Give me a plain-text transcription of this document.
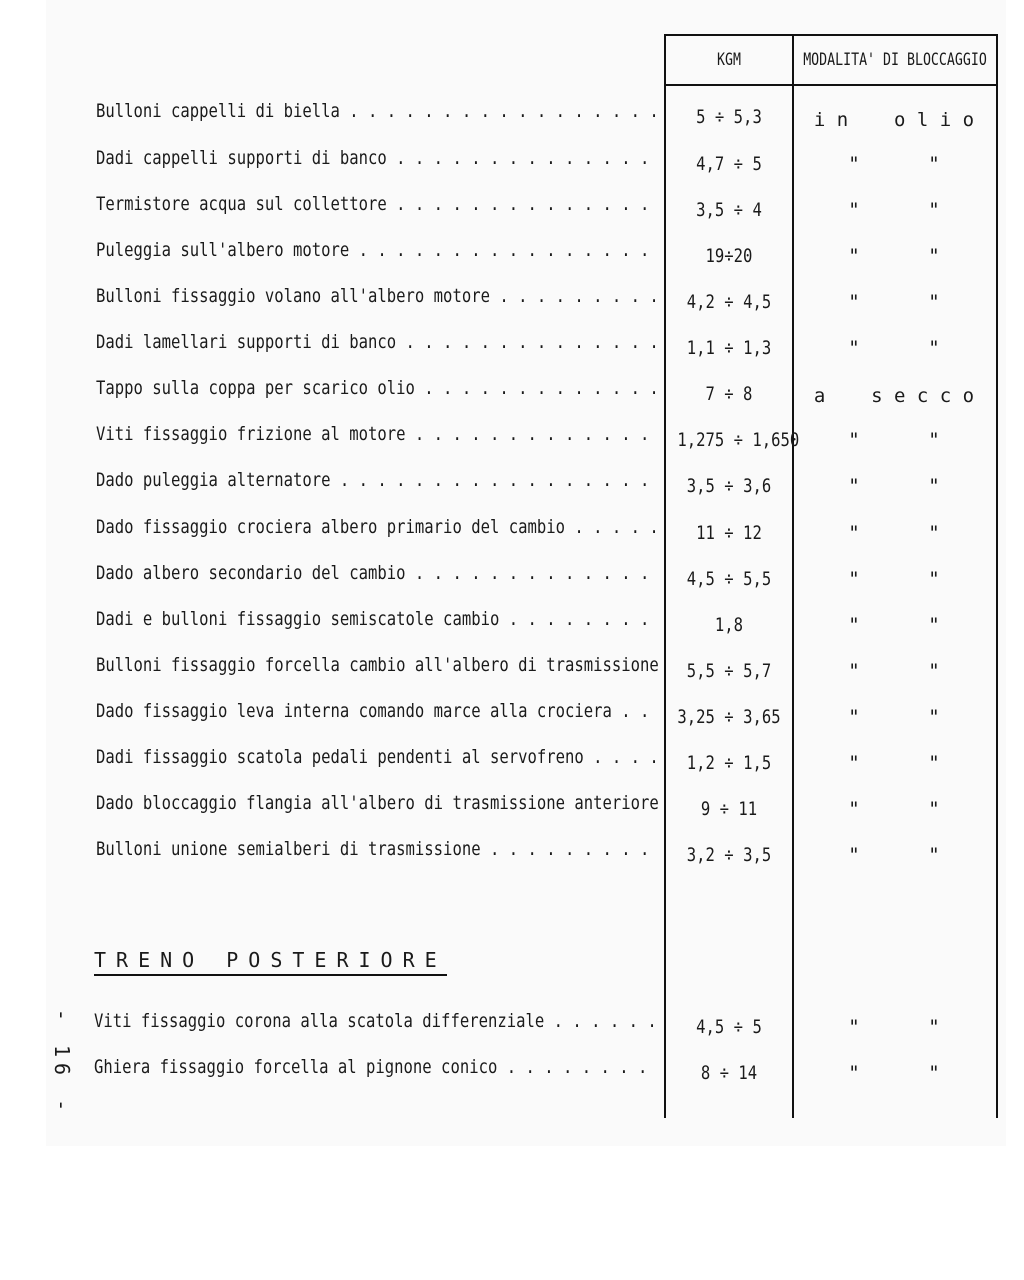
KGM	MODALITA' DI BLOCCAGGIO
Bulloni cappelli di biella . . . . . . . . . . . . . . . . .	5 ÷ 5,3	i n    o l i o
Dadi cappelli supporti di banco . . . . . . . . . . . . . .	4,7 ÷ 5	"      "
Termistore acqua sul collettore . . . . . . . . . . . . . .	3,5 ÷ 4	"      "
Puleggia sull'albero motore . . . . . . . . . . . . . . . .	19÷20	"      "
Bulloni fissaggio volano all'albero motore . . . . . . . . .	4,2 ÷ 4,5	"      "
Dadi lamellari supporti di banco . . . . . . . . . . . . . .	1,1 ÷ 1,3	"      "
Tappo sulla coppa per scarico olio . . . . . . . . . . . . .	7 ÷ 8	a    s e c c o
Viti fissaggio frizione al motore . . . . . . . . . . . . .	1,275 ÷ 1,650	"      "
Dado puleggia alternatore . . . . . . . . . . . . . . . . .	3,5 ÷ 3,6	"      "
Dado fissaggio crociera albero primario del cambio . . . . .	11 ÷ 12	"      "
Dado albero secondario del cambio . . . . . . . . . . . . .	4,5 ÷ 5,5	"      "
Dadi e bulloni fissaggio semiscatole cambio . . . . . . . .	1,8	"      "
Bulloni fissaggio forcella cambio all'albero di trasmissione	5,5 ÷ 5,7	"      "
Dado fissaggio leva interna comando marce alla crociera . .	3,25 ÷ 3,65	"      "
Dadi fissaggio scatola pedali pendenti al servofreno . . . .	1,2 ÷ 1,5	"      "
Dado bloccaggio flangia all'albero di trasmissione anteriore	9 ÷ 11	"      "
Bulloni unione semialberi di trasmissione . . . . . . . . .	3,2 ÷ 3,5	"      "
TRENO POSTERIORE
Viti fissaggio corona alla scatola differenziale . . . . . .	4,5 ÷ 5	"      "
Ghiera fissaggio forcella al pignone conico . . . . . . . .	8 ÷ 14	"      "
- 16 -
